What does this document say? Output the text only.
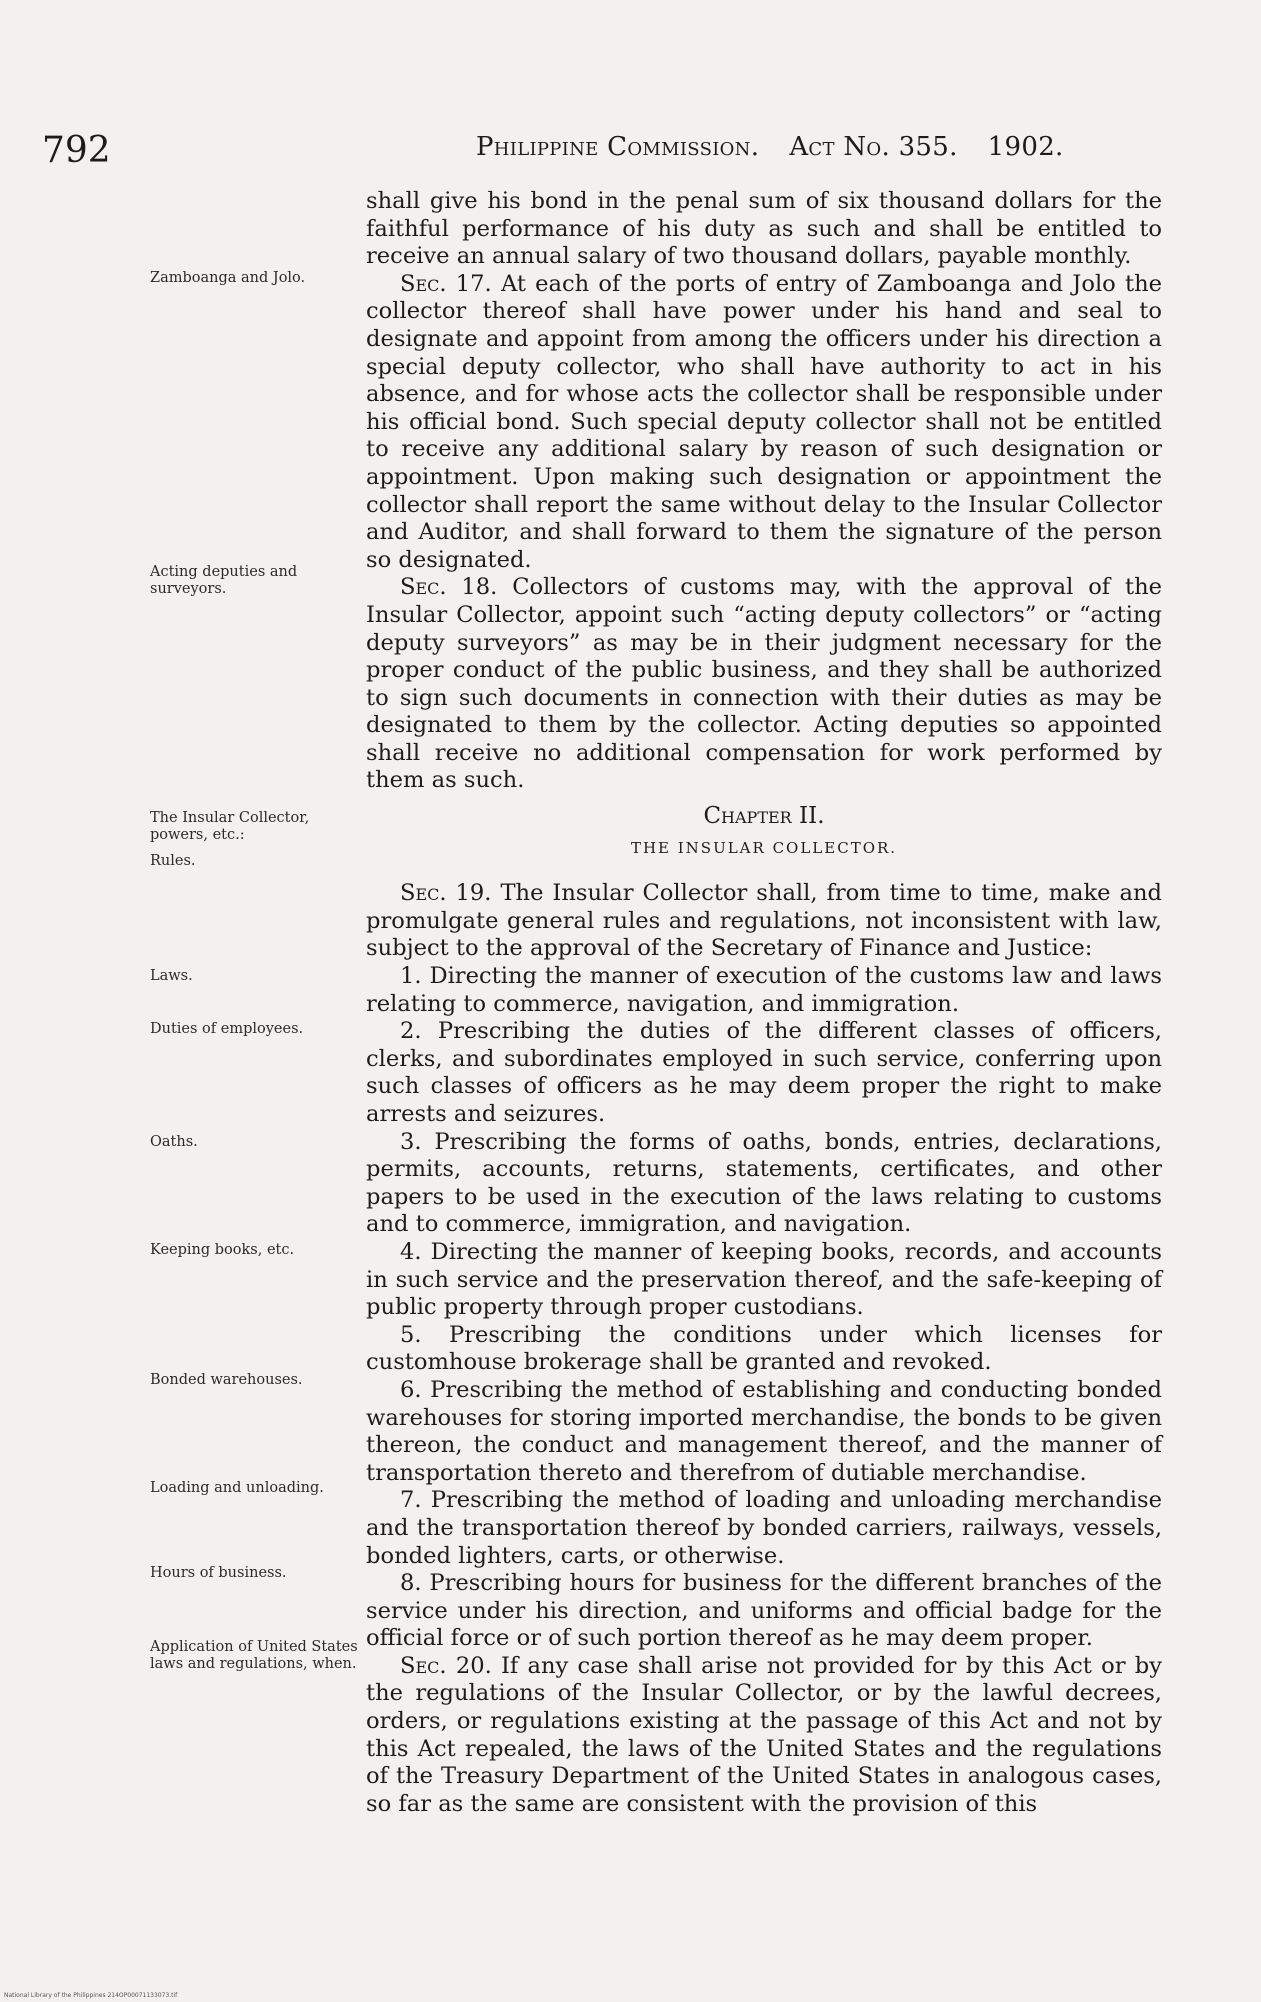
792	Philippine Commission. Act No. 355. 1902.
Zamboanga and Jolo.
Acting deputies and surveyors.
The Insular Collector, powers, etc.:
Rules.
Laws.
Duties of employees.
Oaths.
Keeping books, etc.
Bonded warehouses.
Loading and unloading.
Hours of business.
Application of United States laws and regulations, when.

shall give his bond in the penal sum of six thousand dollars for the faithful performance of his duty as such and shall be entitled to receive an annual salary of two thousand dollars, payable monthly.

Sec. 17. At each of the ports of entry of Zamboanga and Jolo the collector thereof shall have power under his hand and seal to designate and appoint from among the officers under his direction a special deputy collector, who shall have authority to act in his absence, and for whose acts the collector shall be responsible under his official bond. Such special deputy collector shall not be entitled to receive any additional salary by reason of such designation or appointment. Upon making such designation or appointment the collector shall report the same without delay to the Insular Collector and Auditor, and shall forward to them the signature of the person so designated.

Sec. 18. Collectors of customs may, with the approval of the Insular Collector, appoint such “acting deputy collectors” or “acting deputy surveyors” as may be in their judgment necessary for the proper conduct of the public business, and they shall be authorized to sign such documents in connection with their duties as may be designated to them by the collector. Acting deputies so appointed shall receive no additional compensation for work performed by them as such.

Chapter II.

THE INSULAR COLLECTOR.

Sec. 19. The Insular Collector shall, from time to time, make and promulgate general rules and regulations, not inconsistent with law, subject to the approval of the Secretary of Finance and Justice:

1. Directing the manner of execution of the customs law and laws relating to commerce, navigation, and immigration.

2. Prescribing the duties of the different classes of officers, clerks, and subordinates employed in such service, conferring upon such classes of officers as he may deem proper the right to make arrests and seizures.

3. Prescribing the forms of oaths, bonds, entries, declarations, permits, accounts, returns, statements, certificates, and other papers to be used in the execution of the laws relating to customs and to commerce, immigration, and navigation.

4. Directing the manner of keeping books, records, and accounts in such service and the preservation thereof, and the safe-keeping of public property through proper custodians.

5. Prescribing the conditions under which licenses for customhouse brokerage shall be granted and revoked.

6. Prescribing the method of establishing and conducting bonded warehouses for storing imported merchandise, the bonds to be given thereon, the conduct and management thereof, and the manner of transportation thereto and therefrom of dutiable merchandise.

7. Prescribing the method of loading and unloading merchandise and the transportation thereof by bonded carriers, railways, vessels, bonded lighters, carts, or otherwise.

8. Prescribing hours for business for the different branches of the service under his direction, and uniforms and official badge for the official force or of such portion thereof as he may deem proper.

Sec. 20. If any case shall arise not provided for by this Act or by the regulations of the Insular Collector, or by the lawful decrees, orders, or regulations existing at the passage of this Act and not by this Act repealed, the laws of the United States and the regulations of the Treasury Department of the United States in analogous cases, so far as the same are consistent with the provision of this

National Library of the Philippines 214OP00071133073.tif
